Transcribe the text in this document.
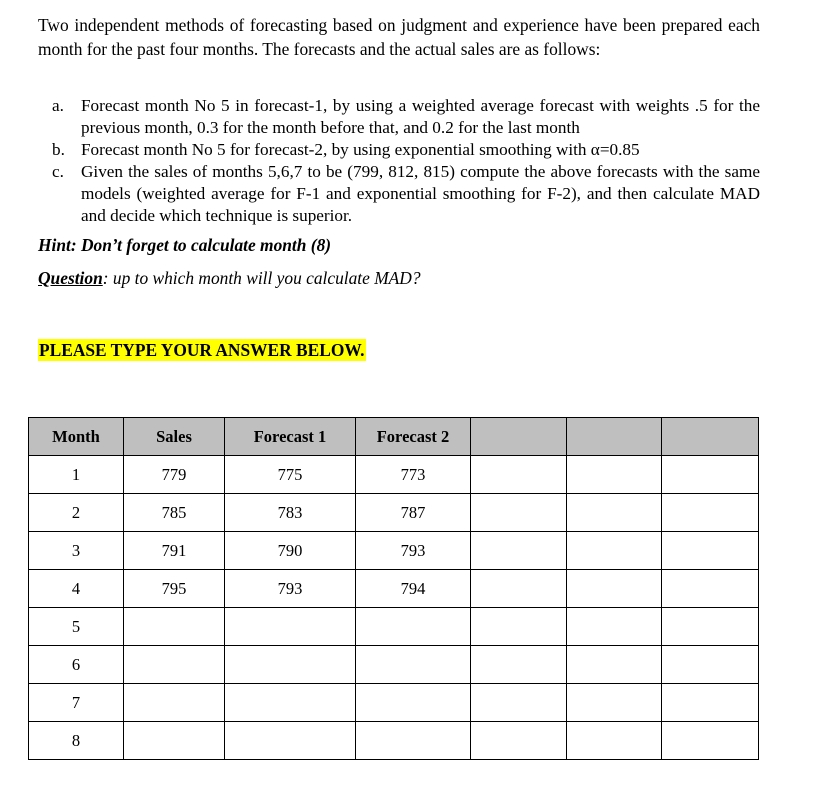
Two independent methods of forecasting based on judgment and experience have been prepared each month for the past four months. The forecasts and the actual sales are as follows:
a. Forecast month No 5 in forecast-1, by using a weighted average forecast with weights .5 for the previous month, 0.3 for the month before that, and 0.2 for the last month
b. Forecast month No 5 for forecast-2, by using exponential smoothing with α=0.85
c. Given the sales of months 5,6,7 to be (799, 812, 815) compute the above forecasts with the same models (weighted average for F-1 and exponential smoothing for F-2), and then calculate MAD and decide which technique is superior.
Hint: Don’t forget to calculate month (8)
Question: up to which month will you calculate MAD?
PLEASE TYPE YOUR ANSWER BELOW.
Month	Sales	Forecast 1	Forecast 2			
1	779	775	773			
2	785	783	787			
3	791	790	793			
4	795	793	794			
5						
6						
7						
8						
